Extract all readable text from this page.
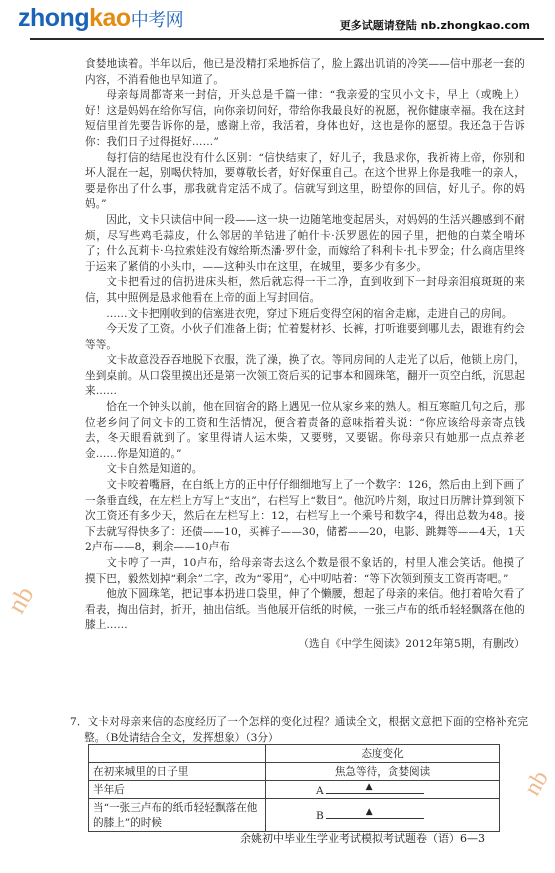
zhongkao中考网	更多试题请登陆 nb.zhongkao.com

食婪地读着。半年以后，他已是没精打采地拆信了，脸上露出讥诮的冷笑——信中那老一套的内容，不消看他也早知道了。

母亲每周都寄来一封信，开头总是千篇一律：“我亲爱的宝贝小文卡，早上（或晚上）好！这是妈妈在给你写信，向你亲切问好，带给你我最良好的祝愿，祝你健康幸福。我在这封短信里首先要告诉你的是，感谢上帝，我活着，身体也好，这也是你的愿望。我还急于告诉你：我们日子过得挺好……”

每打信的结尾也没有什么区别：“信快结束了，好儿子，我恳求你，我祈祷上帝，你别和坏人混在一起，别喝伏特加，要尊敬长者，好好保重自己。在这个世界上你是我唯一的亲人，要是你出了什么事，那我就肯定活不成了。信就写到这里，盼望你的回信，好儿子。你的妈妈。”

因此，文卡只读信中间一段——这一块一边随笔地变起居头，对妈妈的生活兴趣感到不耐烦，尽写些鸡毛蒜皮，什么邻居的羊钻进了帕什卡·沃罗恩佐的园子里，把他的白菜全啃坏了；什么瓦莉卡·乌拉索娃没有嫁给斯杰潘·罗什金，而嫁给了科利卡·扎卡罗金；什么商店里终于运来了紧俏的小头巾，——这种头巾在这里，在城里，要多少有多少。

文卡把看过的信扔进床头柜，然后就忘得一干二净，直到收到下一封母亲泪痕斑斑的来信，其中照例是恳求他看在上帝的面上写封回信。

……文卡把刚收到的信塞进衣兜，穿过下班后变得空闲的宿舍走廊，走进自己的房间。

今天发了工资。小伙子们准备上街；忙着髮材衫、长裤，打听谁要到哪儿去，跟谁有约会等等。

文卡故意没吞吞地脱下衣服，洗了澡，换了衣。等同房间的人走光了以后，他锁上房门，坐到桌前。从口袋里摸出还是第一次领工资后买的记事本和圆珠笔，翻开一页空白纸，沉思起来……

恰在一个钟头以前，他在回宿舍的路上遇见一位从家乡来的熟人。相互寒暄几句之后，那位老乡问了问文卡的工资和生活情况，便含着责备的意味指着头说：“你应该给母亲寄点钱去，冬天眼看就到了。家里得请人运木柴，又要劈，又要锯。你母亲只有她那一点点养老金……你是知道的。”

文卡自然是知道的。

文卡咬着嘴唇，在白纸上方的正中仔仔细细地写上了一个数字：126，然后由上到下画了一条垂直线，在左栏上方写上“支出”，右栏写上“数目”。他沉吟片刻，取过日历牌计算到领下次工资还有多少天，然后在左栏写上：12，右栏写上一个乘号和数字4，得出总数为48。接下去就写得快多了：还债——10，买裤子——30，储蓄——20，电影、跳舞等——4天，1天2卢布——8，剩余——10卢布

文卡哼了一声，10卢布，给母亲寄去这么个数是很不象话的，村里人准会笑话。他摸了摸下巴，毅然划掉“剩余”二字，改为“零用”，心中叨咕着：“等下次领到预支工资再寄吧。”

他放下圆珠笔，把记事本扔进口袋里，伸了个懒腰，想起了母亲的来信。他打着哈欠看了看表，掏出信封，折开，抽出信纸。当他展开信纸的时候，一张三卢布的纸币轻轻飘落在他的膝上……

（选自《中学生阅读》2012年第5期，有删改）

7．文卡对母亲来信的态度经历了一个怎样的变化过程？通读全文，根据文意把下面的空格补充完整。（B处请结合全文，发挥想象）（3分）

	态度变化
在初来城里的日子里	焦急等待，贪婪阅读
半年后	A ▲

当“一张三卢布的纸币轻轻飘落在他的膝上”的时候	B ▲
余姚初中毕业生学业考试模拟考试题卷（语）6—3
nb
nb
